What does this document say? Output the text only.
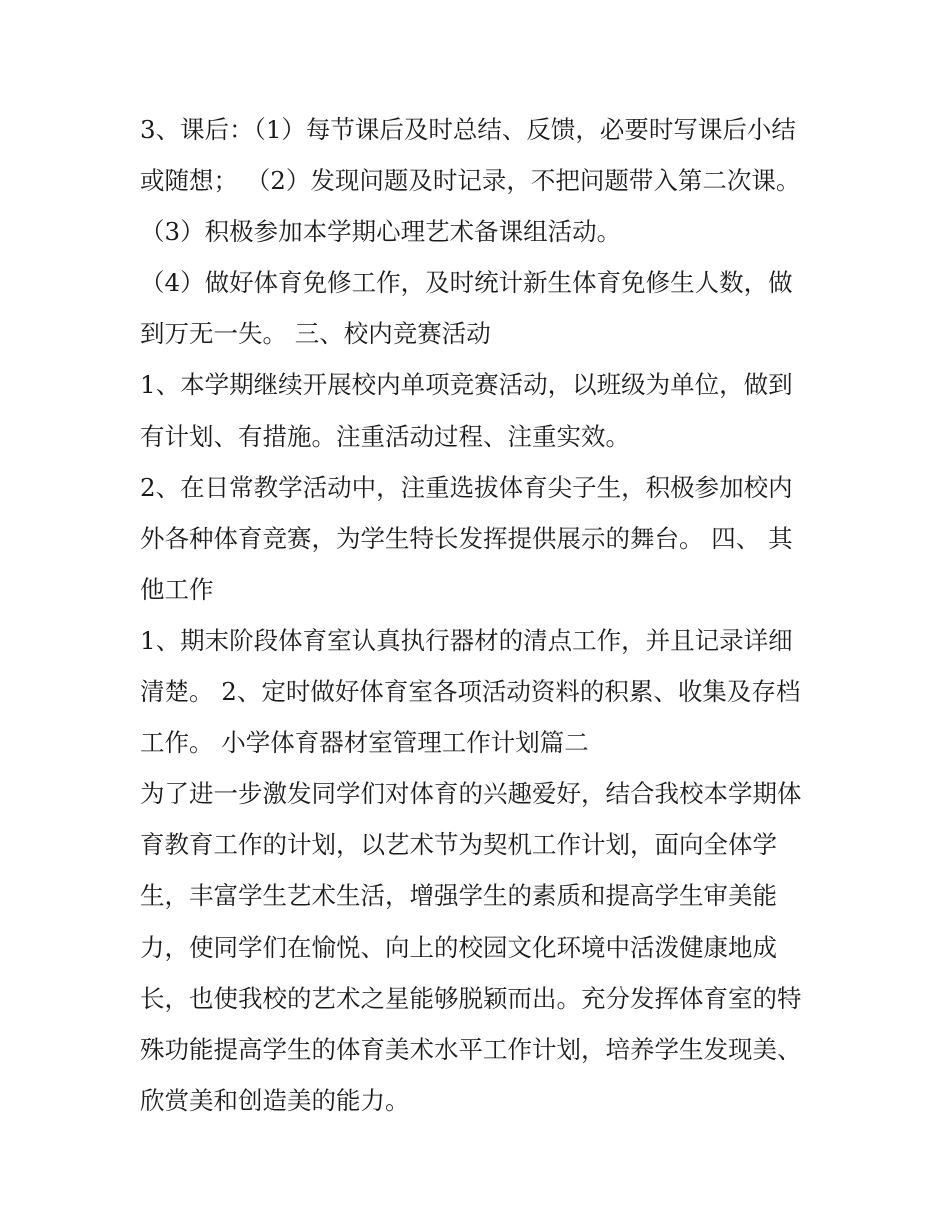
3、课后：（1）每节课后及时总结、反馈，必要时写课后小结
或随想； （2）发现问题及时记录，不把问题带入第二次课。
（3）积极参加本学期心理艺术备课组活动。
（4）做好体育免修工作，及时统计新生体育免修生人数，做
到万无一失。 三、校内竞赛活动
1、本学期继续开展校内单项竞赛活动，以班级为单位，做到
有计划、有措施。注重活动过程、注重实效。
2、在日常教学活动中，注重选拔体育尖子生，积极参加校内
外各种体育竞赛，为学生特长发挥提供展示的舞台。 四、 其
他工作
1、期末阶段体育室认真执行器材的清点工作，并且记录详细
清楚。 2、定时做好体育室各项活动资料的积累、收集及存档
工作。 小学体育器材室管理工作计划篇二
为了进一步激发同学们对体育的兴趣爱好，结合我校本学期体
育教育工作的计划，以艺术节为契机工作计划，面向全体学
生，丰富学生艺术生活，增强学生的素质和提高学生审美能
力，使同学们在愉悦、向上的校园文化环境中活泼健康地成
长，也使我校的艺术之星能够脱颖而出。充分发挥体育室的特
殊功能提高学生的体育美术水平工作计划，培养学生发现美、
欣赏美和创造美的能力。
